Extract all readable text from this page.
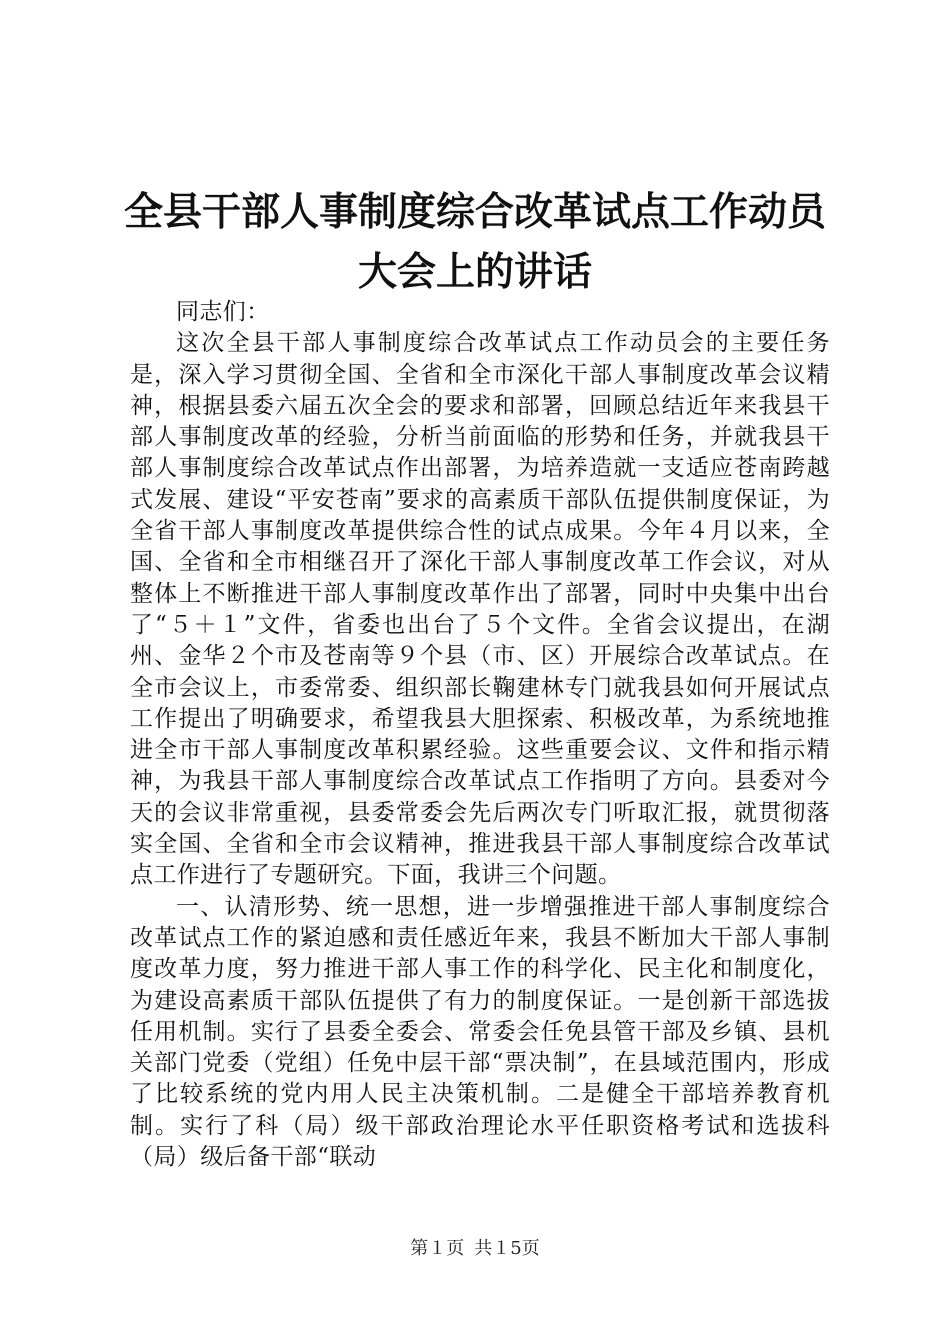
全县干部人事制度综合改革试点工作动员大会上的讲话

同志们：

这次全县干部人事制度综合改革试点工作动员会的主要任务是，深入学习贯彻全国、全省和全市深化干部人事制度改革会议精神，根据县委六届五次全会的要求和部署，回顾总结近年来我县干部人事制度改革的经验，分析当前面临的形势和任务，并就我县干部人事制度综合改革试点作出部署，为培养造就一支适应苍南跨越式发展、建设“平安苍南”要求的高素质干部队伍提供制度保证，为全省干部人事制度改革提供综合性的试点成果。今年４月以来，全国、全省和全市相继召开了深化干部人事制度改革工作会议，对从整体上不断推进干部人事制度改革作出了部署，同时中央集中出台了“５＋１”文件，省委也出台了５个文件。全省会议提出，在湖州、金华２个市及苍南等９个县（市、区）开展综合改革试点。在全市会议上，市委常委、组织部长鞠建林专门就我县如何开展试点工作提出了明确要求，希望我县大胆探索、积极改革，为系统地推进全市干部人事制度改革积累经验。这些重要会议、文件和指示精神，为我县干部人事制度综合改革试点工作指明了方向。县委对今天的会议非常重视，县委常委会先后两次专门听取汇报，就贯彻落实全国、全省和全市会议精神，推进我县干部人事制度综合改革试点工作进行了专题研究。下面，我讲三个问题。

一、认清形势、统一思想，进一步增强推进干部人事制度综合改革试点工作的紧迫感和责任感近年来，我县不断加大干部人事制度改革力度，努力推进干部人事工作的科学化、民主化和制度化，为建设高素质干部队伍提供了有力的制度保证。一是创新干部选拔任用机制。实行了县委全委会、常委会任免县管干部及乡镇、县机关部门党委（党组）任免中层干部“票决制”，在县域范围内，形成了比较系统的党内用人民主决策机制。二是健全干部培养教育机制。实行了科（局）级干部政治理论水平任职资格考试和选拔科（局）级后备干部“联动

第１页 共１5页
